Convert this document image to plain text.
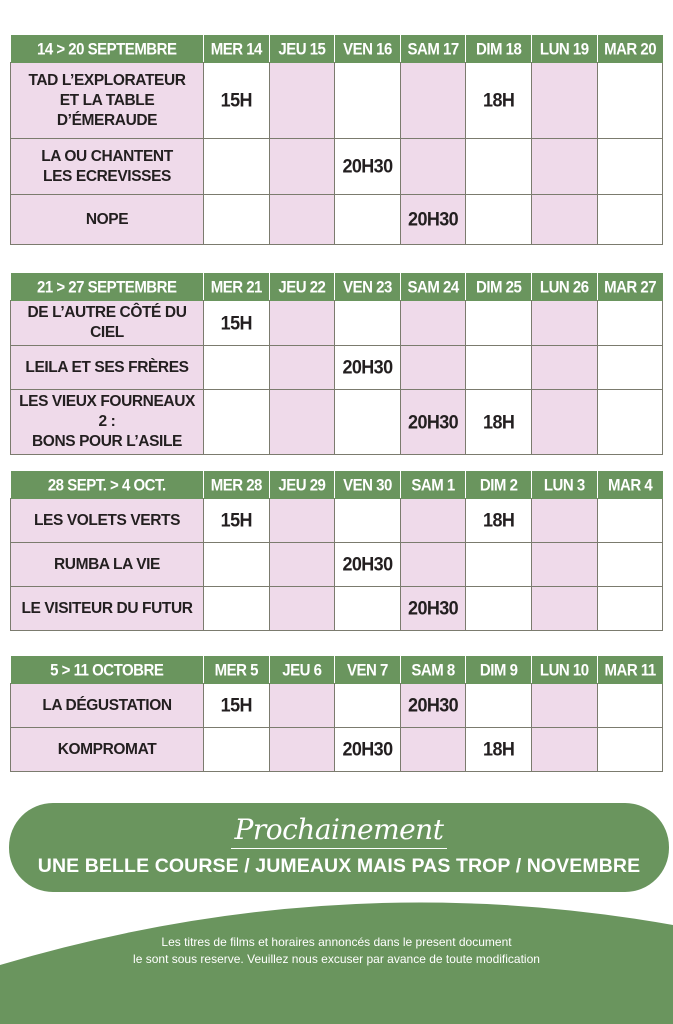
14 > 20 SEPTEMBRE	MER 14	JEU 15	VEN 16	SAM 17	DIM 18	LUN 19	MAR 20
TAD L’EXPLORATEUR
ET LA TABLE
D’ÉMERAUDE	15H				18H		
LA OU CHANTENT
LES ECREVISSES			20H30				
NOPE				20H30			
21 > 27 SEPTEMBRE	MER 21	JEU 22	VEN 23	SAM 24	DIM 25	LUN 26	MAR 27
DE L’AUTRE CÔTÉ DU CIEL	15H						
LEILA ET SES FRÈRES			20H30				
LES VIEUX FOURNEAUX 2 :
BONS POUR L’ASILE				20H30	18H		
28 SEPT. > 4 OCT.	MER 28	JEU 29	VEN 30	SAM 1	DIM 2	LUN 3	MAR 4
LES VOLETS VERTS	15H				18H		
RUMBA LA VIE			20H30				
LE VISITEUR DU FUTUR				20H30			
5 > 11 OCTOBRE	MER 5	JEU 6	VEN 7	SAM 8	DIM 9	LUN 10	MAR 11
LA DÉGUSTATION	15H			20H30			
KOMPROMAT			20H30		18H		
Prochainement
UNE BELLE COURSE / JUMEAUX MAIS PAS TROP / NOVEMBRE
Les titres de films et horaires annoncés dans le present document
le sont sous reserve. Veuillez nous excuser par avance de toute modification
